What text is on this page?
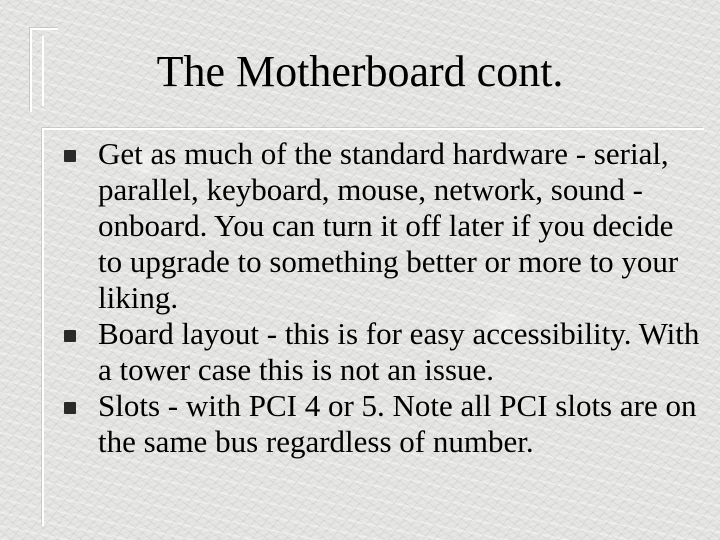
The Motherboard cont.
Get as much of the standard hardware - serial, parallel, keyboard, mouse, network, sound - onboard. You can turn it off later if you decide to upgrade to something better or more to your liking.
Board layout - this is for easy accessibility. With a tower case this is not an issue.
Slots - with PCI 4 or 5. Note all PCI slots are on the same bus regardless of number.
